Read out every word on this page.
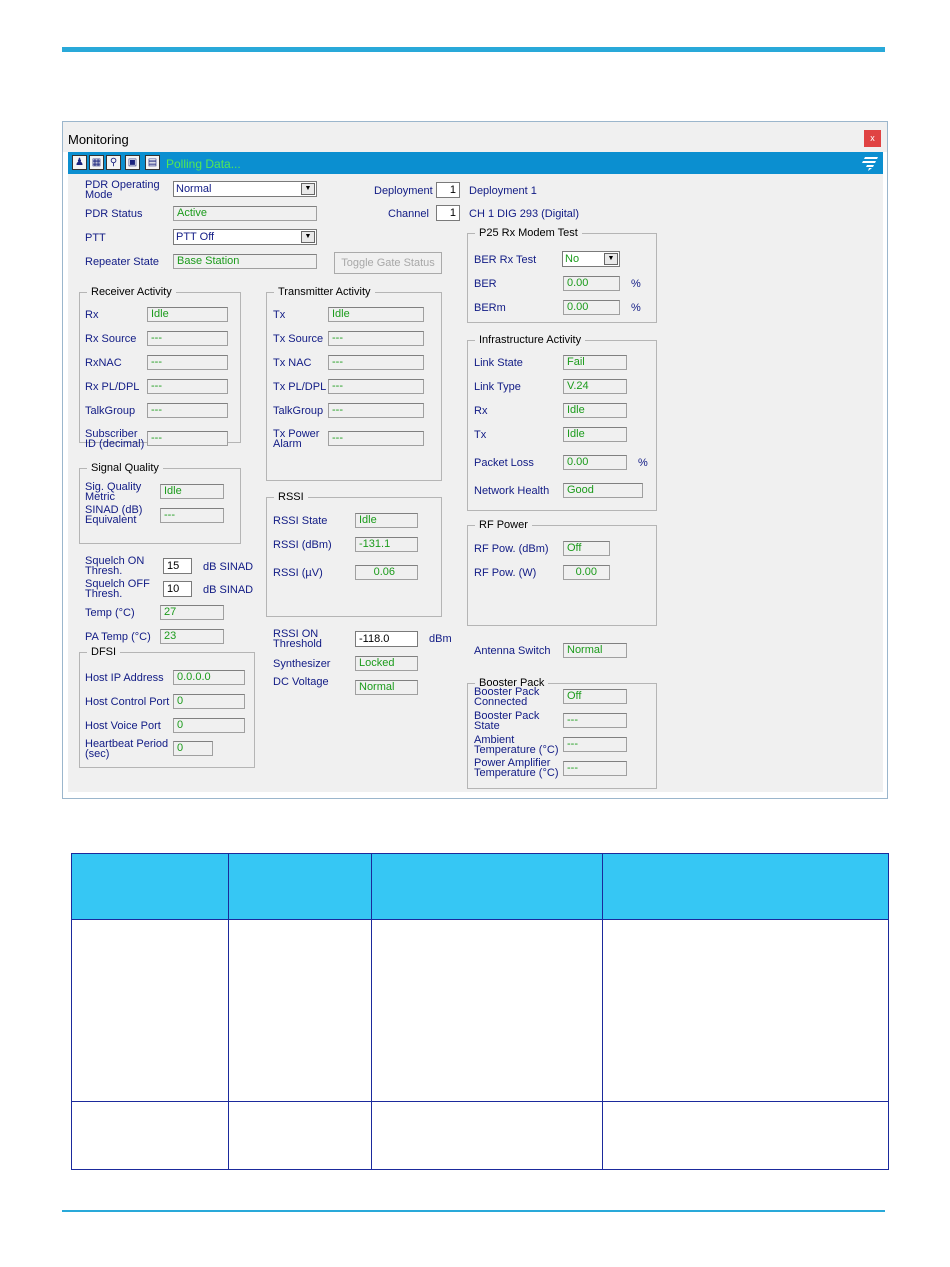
Monitoring	x
♟ ▦ ⚲	▣ ▤ Polling Data...
PDR Operating Mode	Normal	▼
PDR Status	Active
PTT	PTT Off	▼
Repeater State	Base Station	Toggle Gate Status
Deployment	1	Deployment 1
Channel	1	CH 1 DIG 293 (Digital)
Receiver Activity
Rx	Idle
Rx Source	---
RxNAC	---
Rx PL/DPL	---
TalkGroup	---
Subscriber ID (decimal) ---
Transmitter Activity
Tx	Idle
Tx Source ---
Tx NAC	---
Tx PL/DPL ---
TalkGroup ---
Tx Power Alarm	---
Signal Quality
Sig. Quality Metric	Idle
SINAD (dB) Equivalent	---
Squelch ON Thresh.	15	dB SINAD
Squelch OFF Thresh.	10	dB SINAD
Temp (°C)	27
PA Temp (°C)	23
DFSI
Host IP Address	0.0.0.0
Host Control Port 0
Host Voice Port	0
Heartbeat Period (sec)	0
RSSI
RSSI State	Idle
RSSI (dBm)	-131.1
RSSI (µV)	0.06
RSSI ON Threshold	-118.0	dBm
Synthesizer	Locked
DC Voltage	Normal
P25 Rx Modem Test
BER Rx Test	No	▼
BER	0.00	%
BERm	0.00	%
Infrastructure Activity
Link State	Fail
Link Type	V.24
Rx	Idle
Tx	Idle
Packet Loss	0.00	%
Network Health	Good
RF Power
RF Pow. (dBm)	Off
RF Pow. (W)	0.00
Antenna Switch	Normal
Booster Pack
Booster Pack Connected	Off
Booster Pack State	---
Ambient Temperature (°C) ---
Power Amplifier Temperature (°C) ---
